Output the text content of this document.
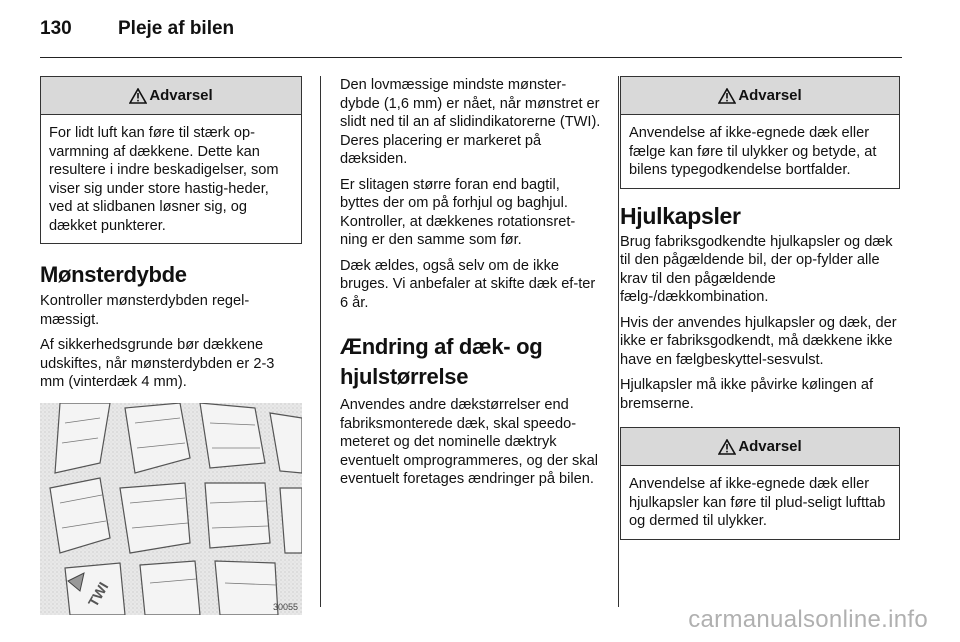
130	Pleje af bilen
Advarsel
For lidt luft kan føre til stærk op-varmning af dækkene. Dette kan resultere i indre beskadigelser, som viser sig under store hastig-heder, ved at slidbanen løsner sig, og dækket punkterer.
Mønsterdybde

Kontroller mønsterdybden regel-mæssigt.

Af sikkerhedsgrunde bør dækkene udskiftes, når mønsterdybden er 2-3 mm (vinterdæk 4 mm).

TWI	30055

Den lovmæssige mindste mønster-dybde (1,6 mm) er nået, når mønstret er slidt ned til an af slidindikatorerne (TWI). Deres placering er markeret på dæksiden.

Er slitagen større foran end bagtil, byttes der om på forhjul og baghjul. Kontroller, at dækkenes rotationsret-ning er den samme som før.

Dæk ældes, også selv om de ikke bruges. Vi anbefaler at skifte dæk ef-ter 6 år.

Ændring af dæk- og hjulstørrelse

Anvendes andre dækstørrelser end fabriksmonterede dæk, skal speedo-meteret og det nominelle dæktryk eventuelt omprogrammeres, og der skal eventuelt foretages ændringer på bilen.

Advarsel
Anvendelse af ikke-egnede dæk eller fælge kan føre til ulykker og betyde, at bilens typegodkendelse bortfalder.
Hjulkapsler

Brug fabriksgodkendte hjulkapsler og dæk til den pågældende bil, der op-fylder alle krav til den pågældende fælg-/dækkombination.

Hvis der anvendes hjulkapsler og dæk, der ikke er fabriksgodkendt, må dækkene ikke have en fælgbeskyttel-sesvulst.

Hjulkapsler må ikke påvirke kølingen af bremserne.

Advarsel
Anvendelse af ikke-egnede dæk eller hjulkapsler kan føre til plud-seligt lufttab og dermed til ulykker.
carmanualsonline.info
